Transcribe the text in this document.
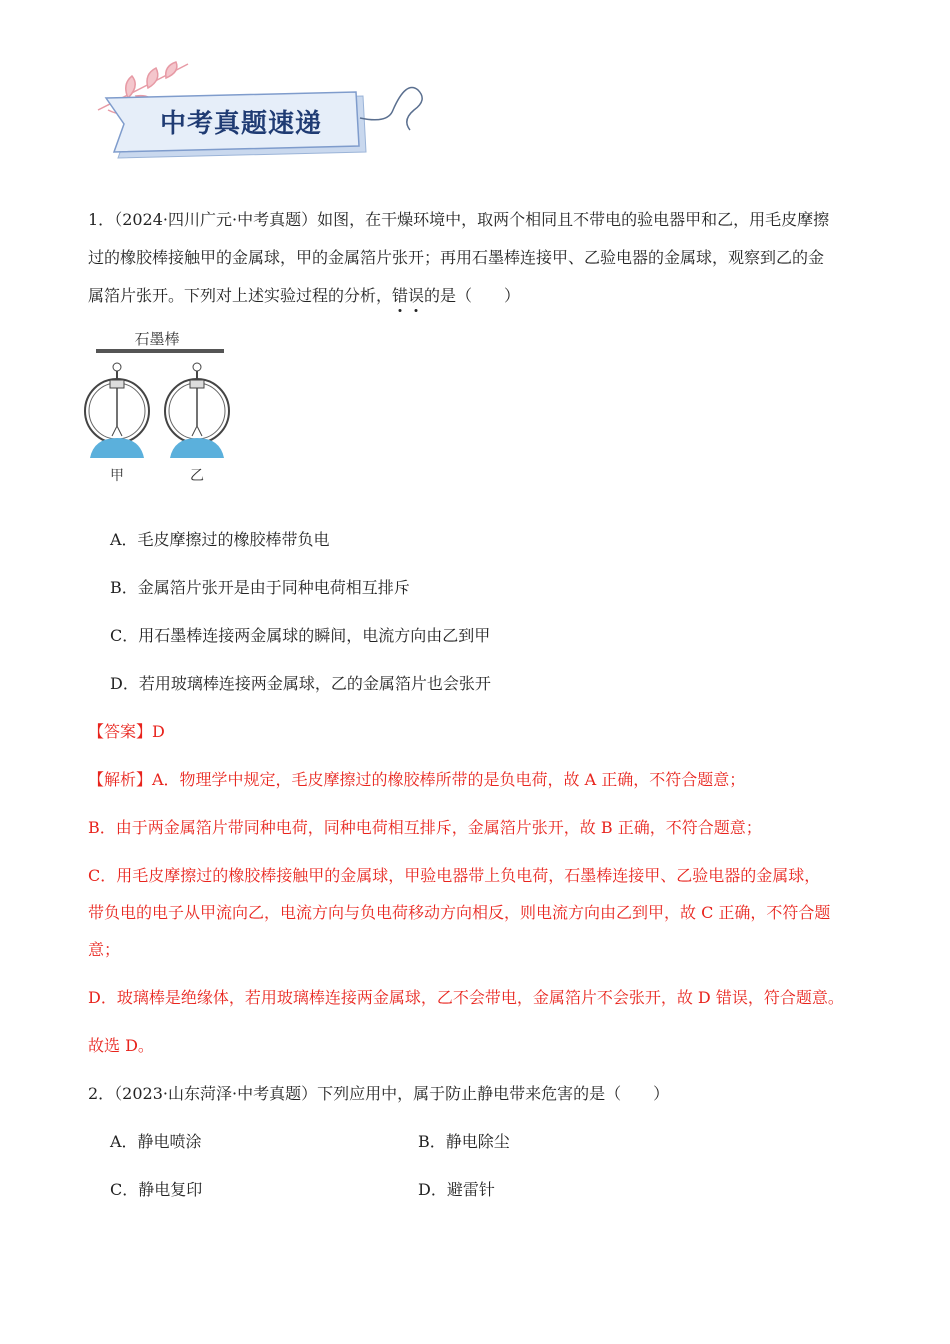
中考真题速递
1．（2024·四川广元·中考真题）如图，在干燥环境中，取两个相同且不带电的验电器甲和乙，用毛皮摩擦
过的橡胶棒接触甲的金属球，甲的金属箔片张开；再用石墨棒连接甲、乙验电器的金属球，观察到乙的金
属箔片张开。下列对上述实验过程的分析，错误的是（　　）
石墨棒
甲	乙
A．毛皮摩擦过的橡胶棒带负电
B．金属箔片张开是由于同种电荷相互排斥
C．用石墨棒连接两金属球的瞬间，电流方向由乙到甲
D．若用玻璃棒连接两金属球，乙的金属箔片也会张开
【答案】D
【解析】A．物理学中规定，毛皮摩擦过的橡胶棒所带的是负电荷，故 A 正确，不符合题意；
B．由于两金属箔片带同种电荷，同种电荷相互排斥，金属箔片张开，故 B 正确，不符合题意；
C．用毛皮摩擦过的橡胶棒接触甲的金属球，甲验电器带上负电荷，石墨棒连接甲、乙验电器的金属球，
带负电的电子从甲流向乙，电流方向与负电荷移动方向相反，则电流方向由乙到甲，故 C 正确，不符合题
意；
D．玻璃棒是绝缘体，若用玻璃棒连接两金属球，乙不会带电，金属箔片不会张开，故 D 错误，符合题意。
故选 D。
2．（2023·山东菏泽·中考真题）下列应用中，属于防止静电带来危害的是（　　）
A．静电喷涂	B．静电除尘
C．静电复印	D．避雷针
